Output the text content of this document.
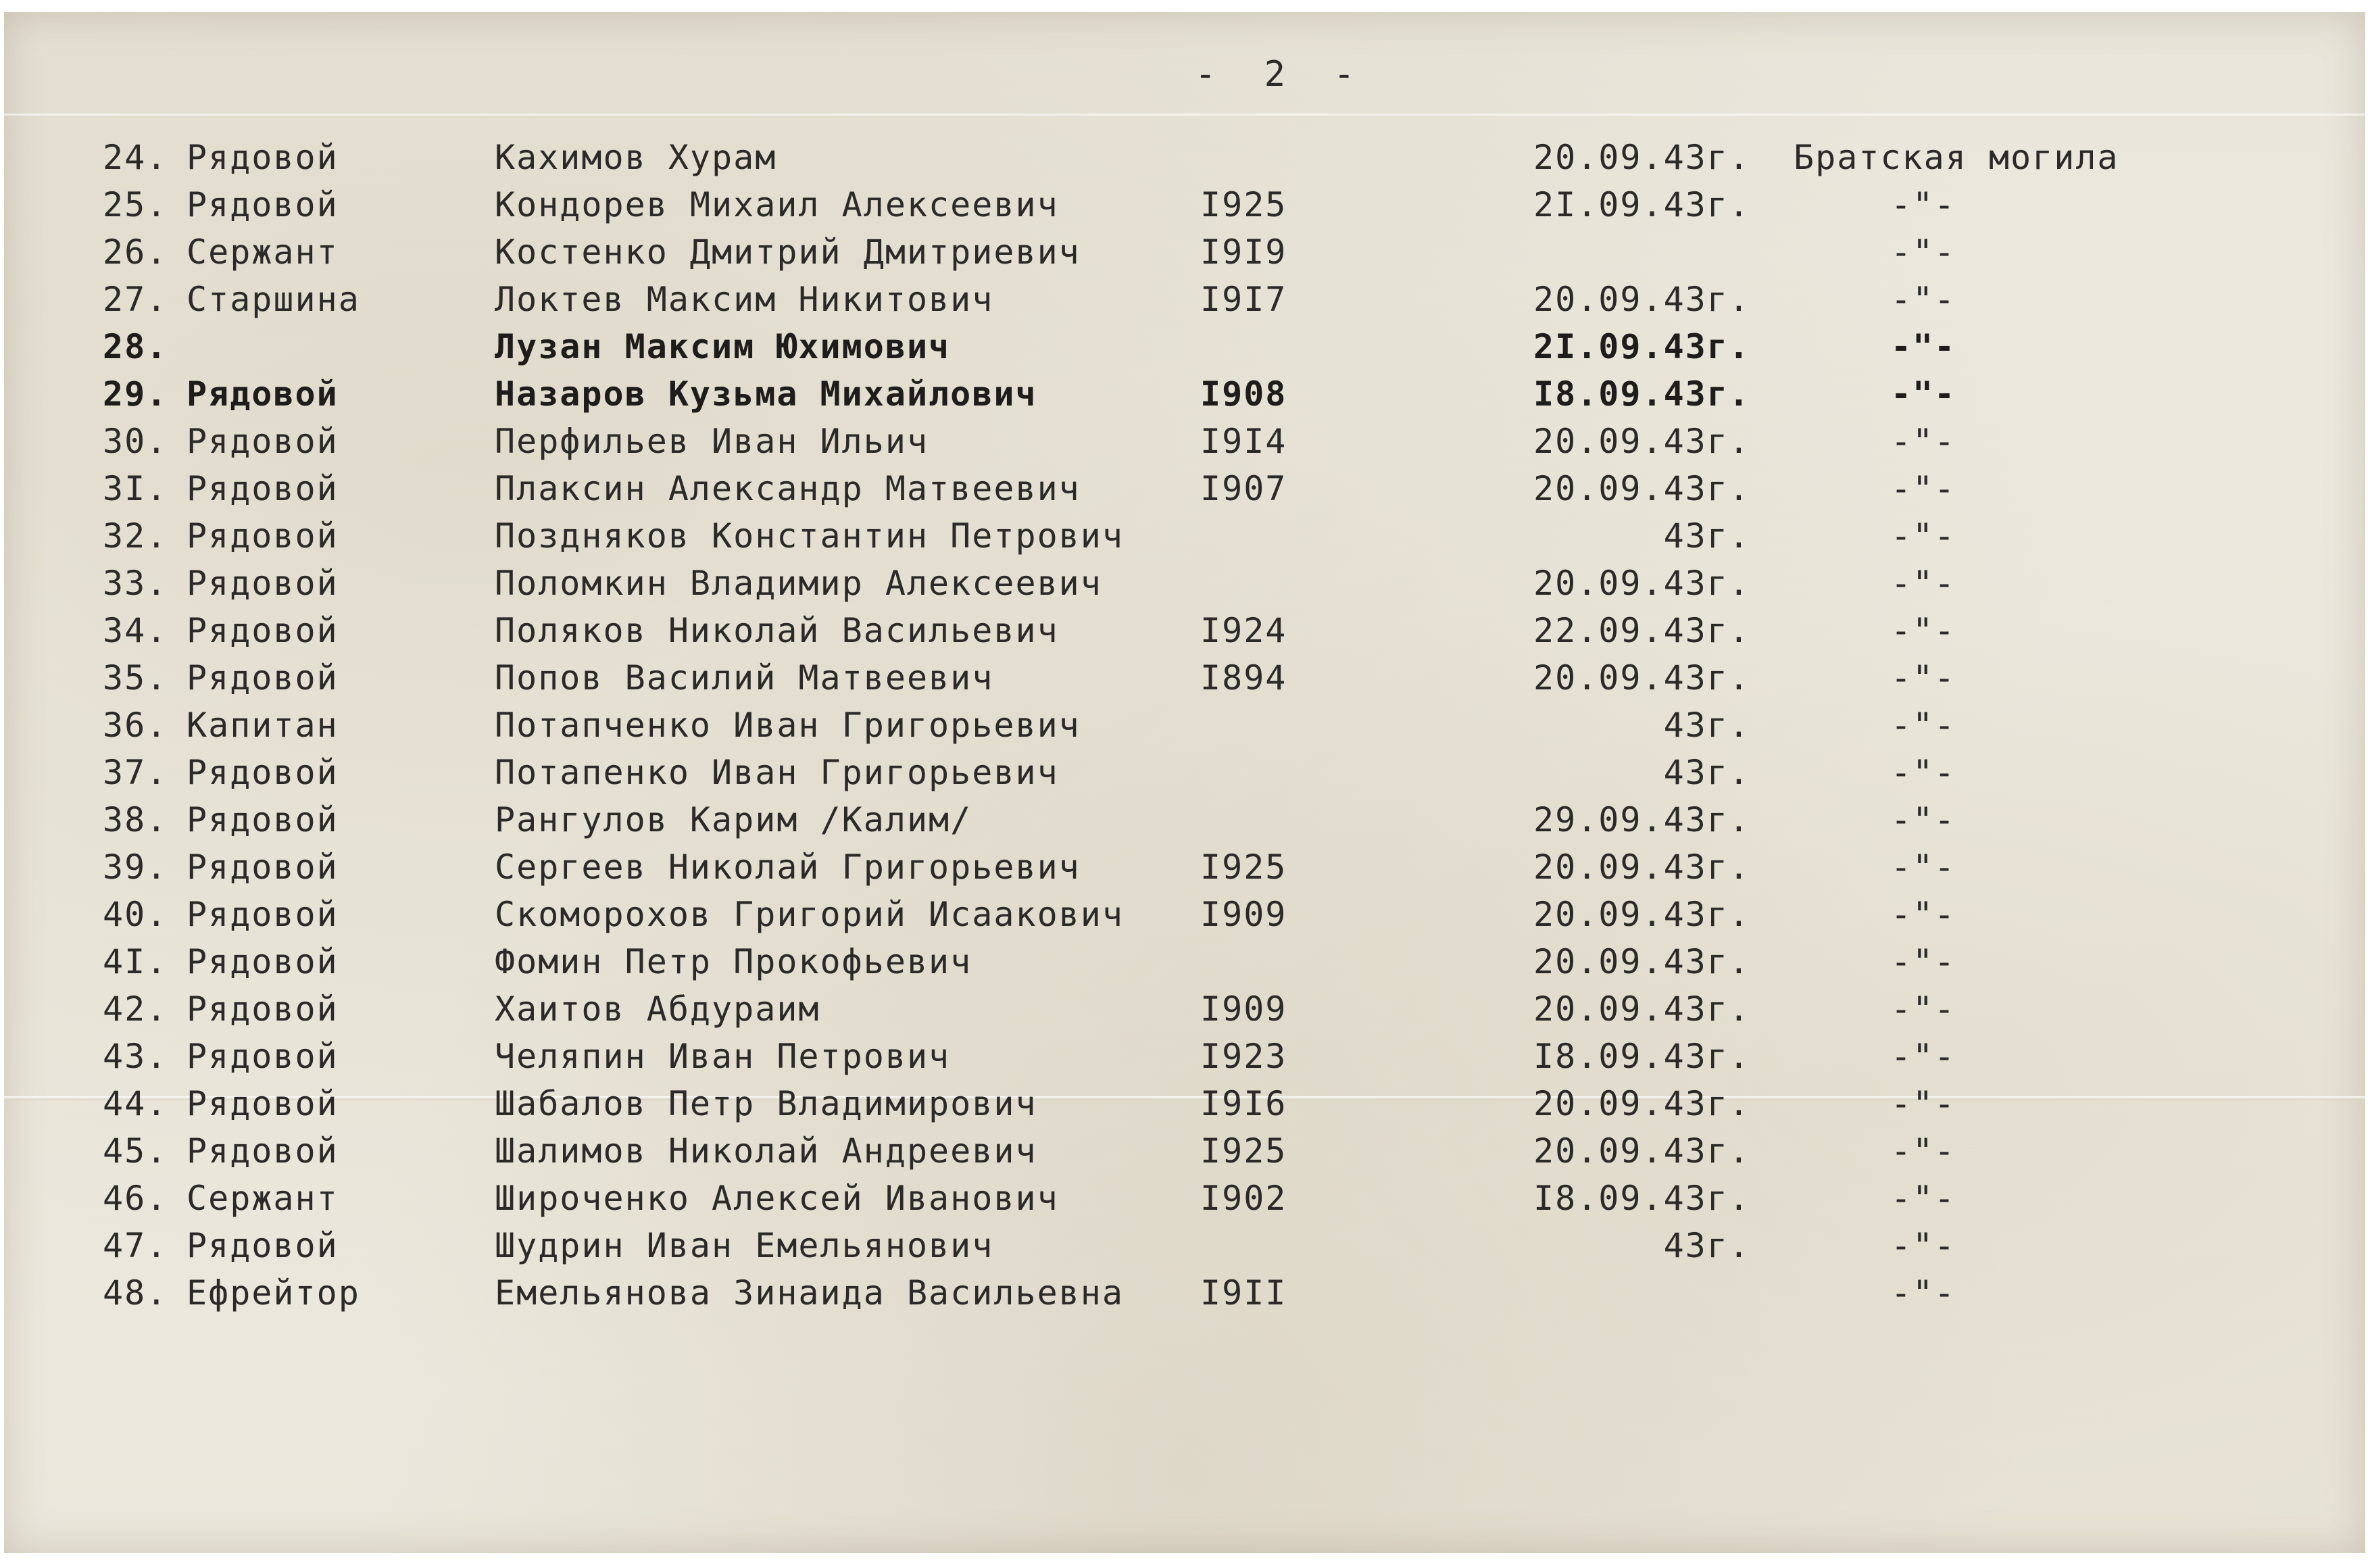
- 2 -
24. Рядовой	Кахимов Хурам	20.09.43г. Братская могила
25. Рядовой	Кондорев Михаил Алексеевич	I925	2I.09.43г.	-"-
26. Сержант	Костенко Дмитрий Дмитриевич	I9I9	-"-
27. Старшина	Локтев Максим Никитович	I9I7	20.09.43г.	-"-
28.	Лузан Максим Юхимович	2I.09.43г.	-"-
29. Рядовой	Назаров Кузьма Михайлович	I908	I8.09.43г.	-"-
30. Рядовой	Перфильев Иван Ильич	I9I4	20.09.43г.	-"-
3I. Рядовой	Плаксин Александр Матвеевич	I907	20.09.43г.	-"-
32. Рядовой	Поздняков Константин Петрович	43г.	-"-
33. Рядовой	Поломкин Владимир Алексеевич	20.09.43г.	-"-
34. Рядовой	Поляков Николай Васильевич	I924	22.09.43г.	-"-
35. Рядовой	Попов Василий Матвеевич	I894	20.09.43г.	-"-
36. Капитан	Потапченко Иван Григорьевич	43г.	-"-
37. Рядовой	Потапенко Иван Григорьевич	43г.	-"-
38. Рядовой	Рангулов Карим /Калим/	29.09.43г.	-"-
39. Рядовой	Сергеев Николай Григорьевич	I925	20.09.43г.	-"-
40. Рядовой	Скоморохов Григорий Исаакович I909	20.09.43г.	-"-
4I. Рядовой	Фомин Петр Прокофьевич	20.09.43г.	-"-
42. Рядовой	Хаитов Абдураим	I909	20.09.43г.	-"-
43. Рядовой	Челяпин Иван Петрович	I923	I8.09.43г.	-"-
44. Рядовой	Шабалов Петр Владимирович	I9I6	20.09.43г.	-"-
45. Рядовой	Шалимов Николай Андреевич	I925	20.09.43г.	-"-
46. Сержант	Широченко Алексей Иванович	I902	I8.09.43г.	-"-
47. Рядовой	Шудрин Иван Емельянович	43г.	-"-
48. Ефрейтор	Емельянова Зинаида Васильевна I9II	-"-
